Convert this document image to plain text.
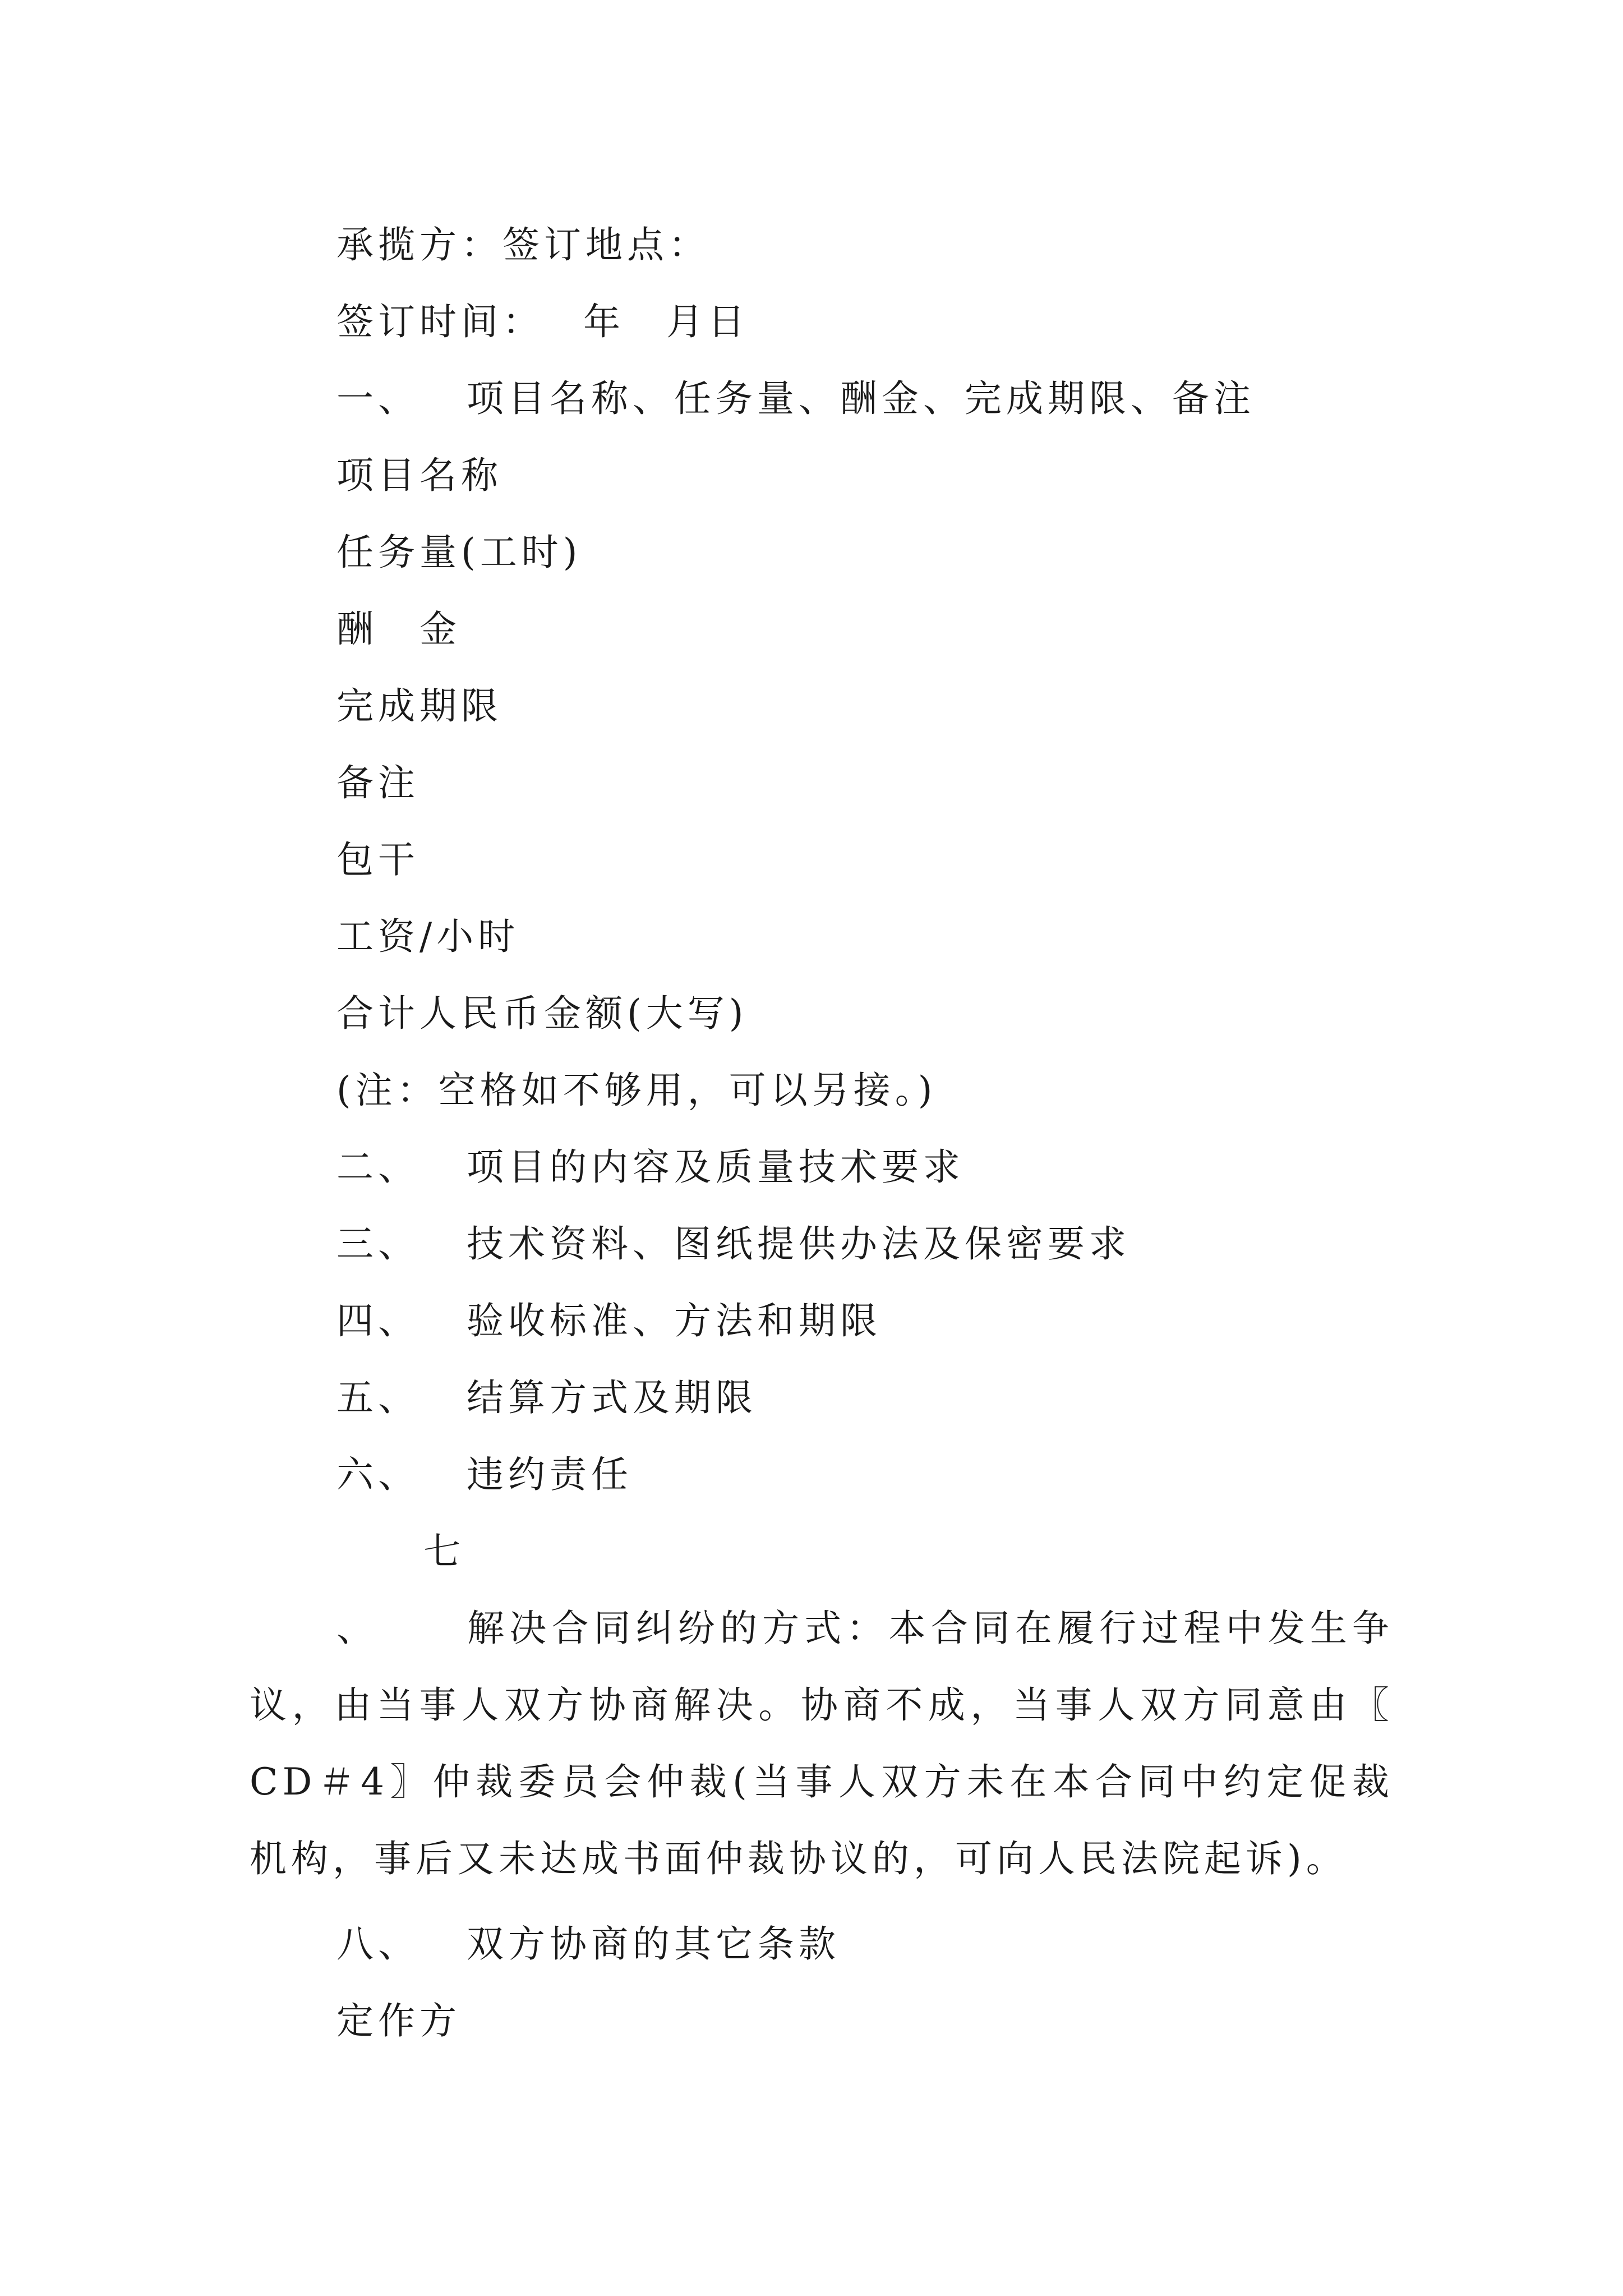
承揽方：签订地点：
签订时间：　 年　月日
一、 项目名称、任务量、酬金、完成期限、备注
项目名称
任务量(工时)
酬　金
完成期限
备注
包干
工资/小时
合计人民币金额(大写)
(注：空格如不够用，可以另接。)
二、 项目的内容及质量技术要求
三、 技术资料、图纸提供办法及保密要求
四、 验收标准、方法和期限
五、 结算方式及期限
六、 违约责任
七、 解决合同纠纷的方式：本合同在履行过程中发生争议，由当事人双方协商解决。协商不成，当事人双方同意由〖CD＃4〗仲裁委员会仲裁(当事人双方未在本合同中约定促裁机构，事后又未达成书面仲裁协议的，可向人民法院起诉)。
八、 双方协商的其它条款
定作方
